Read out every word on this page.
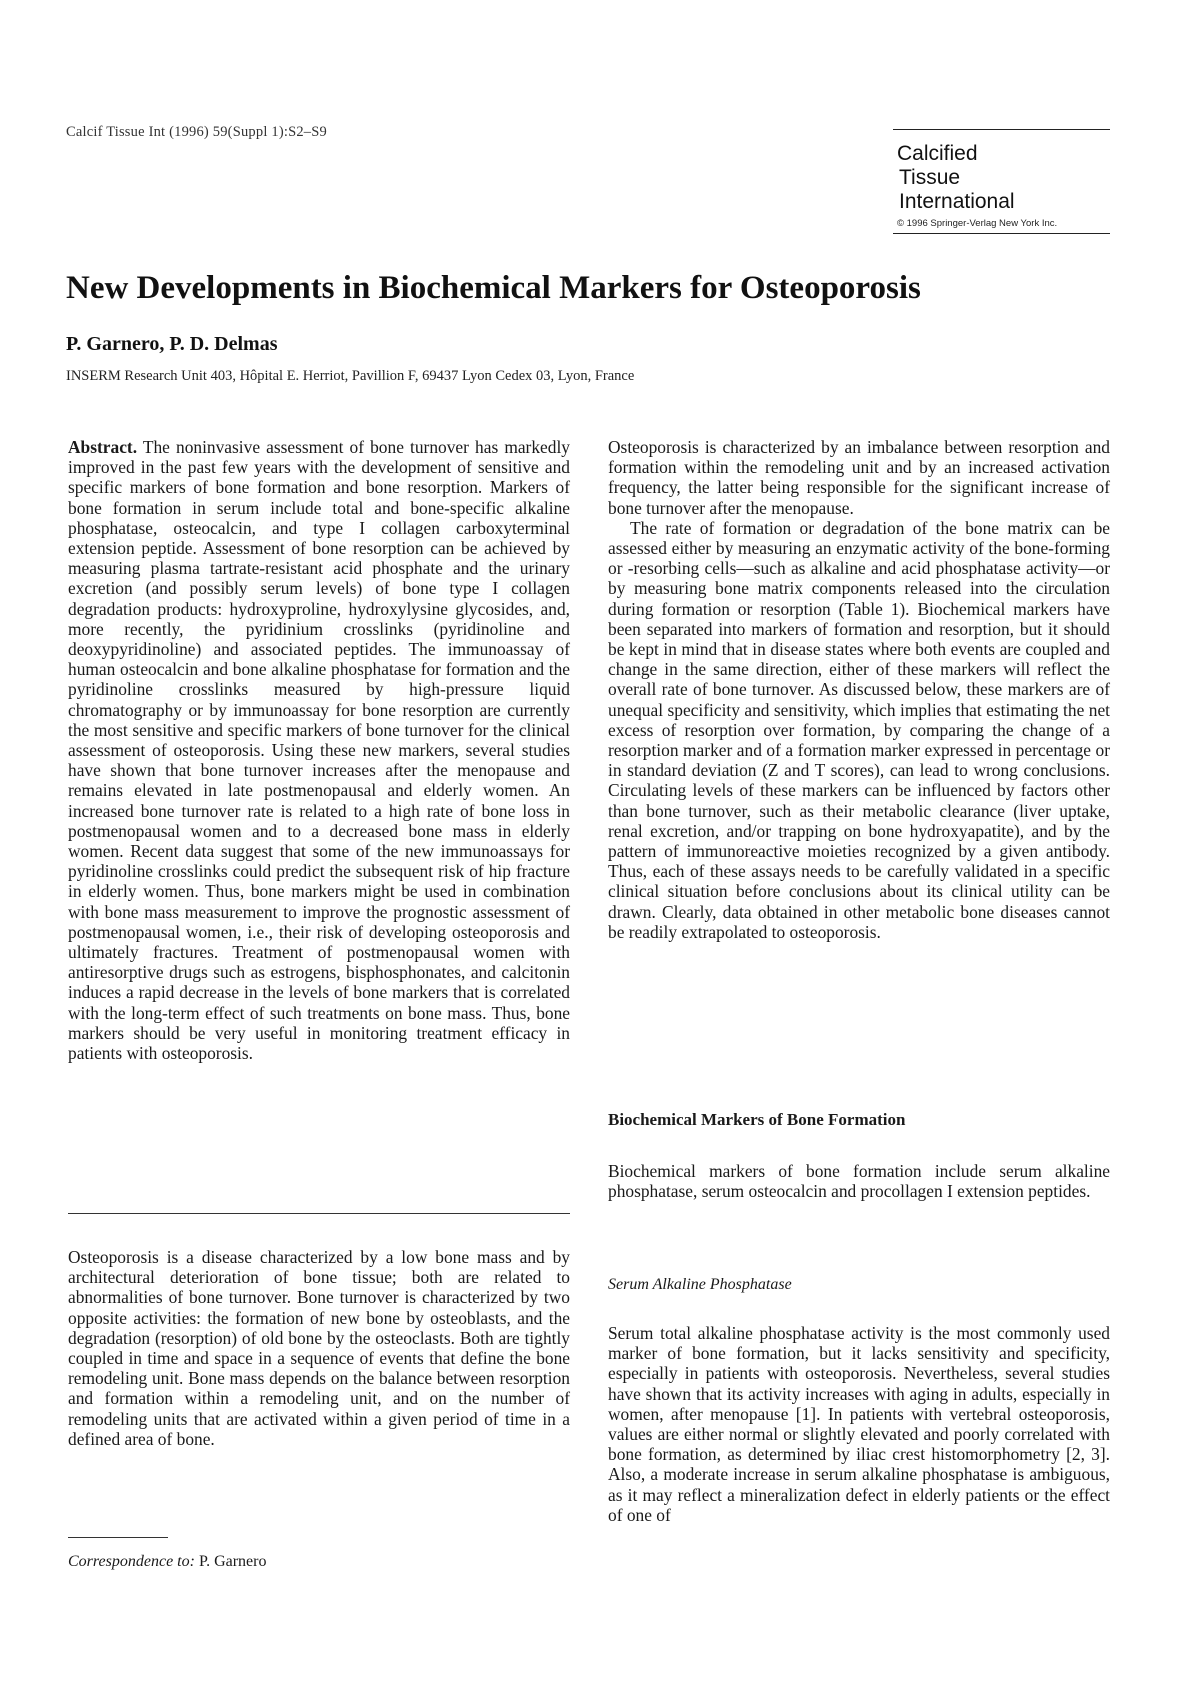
Calcif Tissue Int (1996) 59(Suppl 1):S2–S9
Calcified
Tissue
International
© 1996 Springer-Verlag New York Inc.
New Developments in Biochemical Markers for Osteoporosis
P. Garnero, P. D. Delmas
INSERM Research Unit 403, Hôpital E. Herriot, Pavillion F, 69437 Lyon Cedex 03, Lyon, France

Abstract. The noninvasive assessment of bone turnover has markedly improved in the past few years with the development of sensitive and specific markers of bone formation and bone resorption. Markers of bone formation in serum include total and bone-specific alkaline phosphatase, osteocalcin, and type I collagen carboxyterminal extension peptide. Assessment of bone resorption can be achieved by measuring plasma tartrate-resistant acid phosphate and the urinary excretion (and possibly serum levels) of bone type I collagen degradation products: hydroxyproline, hydroxylysine glycosides, and, more recently, the pyridinium crosslinks (pyridinoline and deoxypyridinoline) and associated peptides. The immunoassay of human osteocalcin and bone alkaline phosphatase for formation and the pyridinoline crosslinks measured by high-pressure liquid chromatography or by immunoassay for bone resorption are currently the most sensitive and specific markers of bone turnover for the clinical assessment of osteoporosis. Using these new markers, several studies have shown that bone turnover increases after the menopause and remains elevated in late postmenopausal and elderly women. An increased bone turnover rate is related to a high rate of bone loss in postmenopausal women and to a decreased bone mass in elderly women. Recent data suggest that some of the new immunoassays for pyridinoline crosslinks could predict the subsequent risk of hip fracture in elderly women. Thus, bone markers might be used in combination with bone mass measurement to improve the prognostic assessment of postmenopausal women, i.e., their risk of developing osteoporosis and ultimately fractures. Treatment of postmenopausal women with antiresorptive drugs such as estrogens, bisphosphonates, and calcitonin induces a rapid decrease in the levels of bone markers that is correlated with the long-term effect of such treatments on bone mass. Thus, bone markers should be very useful in monitoring treatment efficacy in patients with osteoporosis.

Osteoporosis is a disease characterized by a low bone mass and by architectural deterioration of bone tissue; both are related to abnormalities of bone turnover. Bone turnover is characterized by two opposite activities: the formation of new bone by osteoblasts, and the degradation (resorption) of old bone by the osteoclasts. Both are tightly coupled in time and space in a sequence of events that define the bone remodeling unit. Bone mass depends on the balance between resorption and formation within a remodeling unit, and on the number of remodeling units that are activated within a given period of time in a defined area of bone.

Correspondence to: P. Garnero

Osteoporosis is characterized by an imbalance between resorption and formation within the remodeling unit and by an increased activation frequency, the latter being responsible for the significant increase of bone turnover after the menopause.

The rate of formation or degradation of the bone matrix can be assessed either by measuring an enzymatic activity of the bone-forming or -resorbing cells—such as alkaline and acid phosphatase activity—or by measuring bone matrix components released into the circulation during formation or resorption (Table 1). Biochemical markers have been separated into markers of formation and resorption, but it should be kept in mind that in disease states where both events are coupled and change in the same direction, either of these markers will reflect the overall rate of bone turnover. As discussed below, these markers are of unequal specificity and sensitivity, which implies that estimating the net excess of resorption over formation, by comparing the change of a resorption marker and of a formation marker expressed in percentage or in standard deviation (Z and T scores), can lead to wrong conclusions. Circulating levels of these markers can be influenced by factors other than bone turnover, such as their metabolic clearance (liver uptake, renal excretion, and/or trapping on bone hydroxyapatite), and by the pattern of immunoreactive moieties recognized by a given antibody. Thus, each of these assays needs to be carefully validated in a specific clinical situation before conclusions about its clinical utility can be drawn. Clearly, data obtained in other metabolic bone diseases cannot be readily extrapolated to osteoporosis.

Biochemical Markers of Bone Formation

Biochemical markers of bone formation include serum alkaline phosphatase, serum osteocalcin and procollagen I extension peptides.

Serum Alkaline Phosphatase

Serum total alkaline phosphatase activity is the most commonly used marker of bone formation, but it lacks sensitivity and specificity, especially in patients with osteoporosis. Nevertheless, several studies have shown that its activity increases with aging in adults, especially in women, after menopause [1]. In patients with vertebral osteoporosis, values are either normal or slightly elevated and poorly correlated with bone formation, as determined by iliac crest histomorphometry [2, 3]. Also, a moderate increase in serum alkaline phosphatase is ambiguous, as it may reflect a mineralization defect in elderly patients or the effect of one of
